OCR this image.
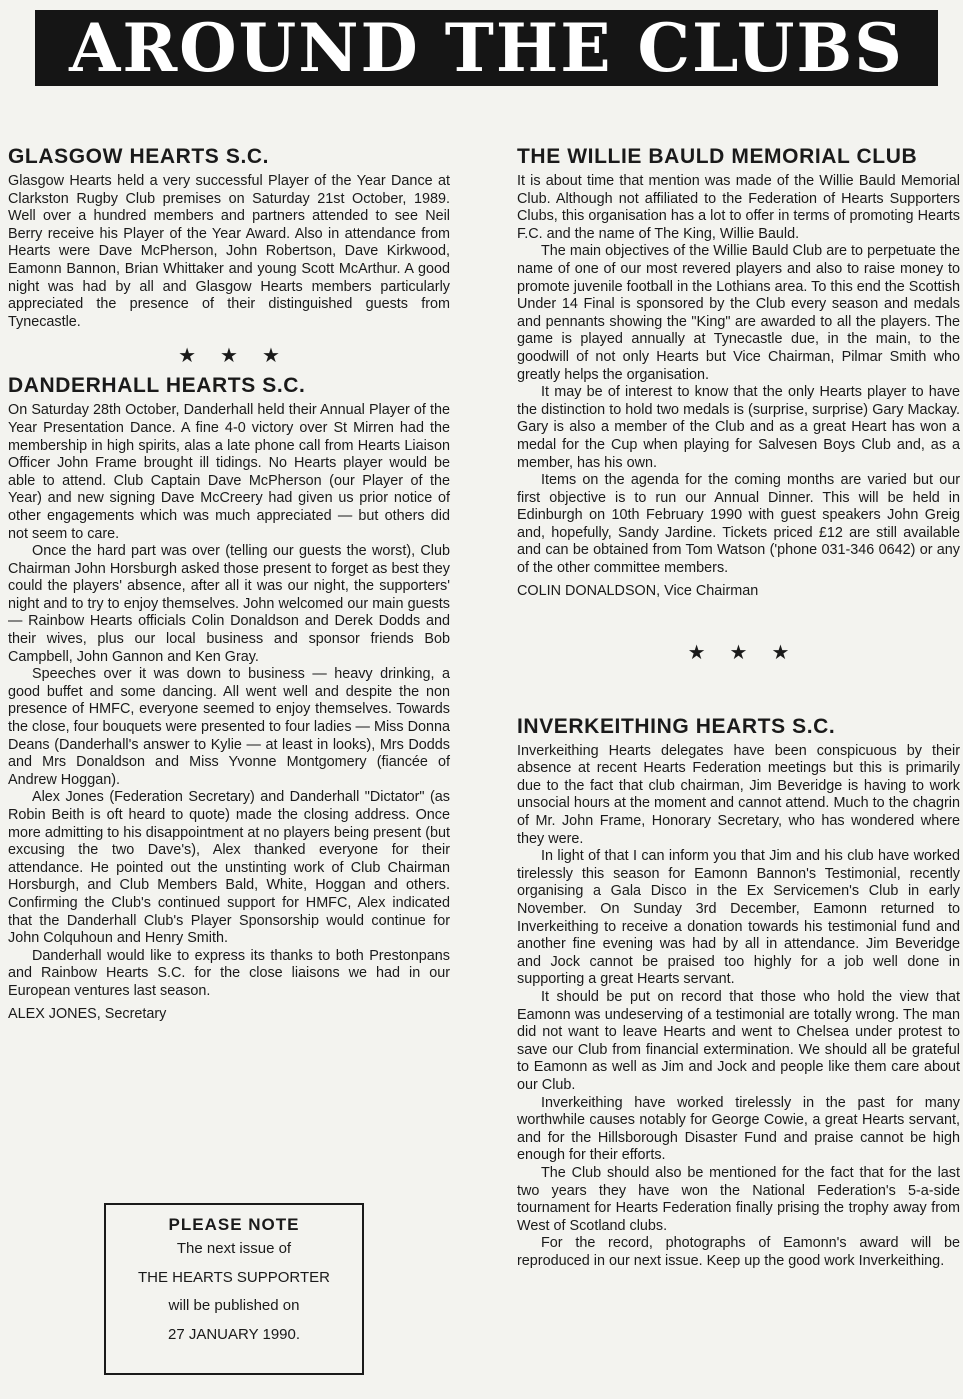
AROUND THE CLUBS
GLASGOW HEARTS S.C.

Glasgow Hearts held a very successful Player of the Year Dance at Clarkston Rugby Club premises on Saturday 21st October, 1989. Well over a hundred members and partners attended to see Neil Berry receive his Player of the Year Award. Also in attendance from Hearts were Dave McPherson, John Robertson, Dave Kirkwood, Eamonn Bannon, Brian Whittaker and young Scott McArthur. A good night was had by all and Glasgow Hearts members particularly appreciated the presence of their distinguished guests from Tynecastle.

★★★
DANDERHALL HEARTS S.C.

On Saturday 28th October, Danderhall held their Annual Player of the Year Presentation Dance. A fine 4-0 victory over St Mirren had the membership in high spirits, alas a late phone call from Hearts Liaison Officer John Frame brought ill tidings. No Hearts player would be able to attend. Club Captain Dave McPherson (our Player of the Year) and new signing Dave McCreery had given us prior notice of other engagements which was much appreciated — but others did not seem to care.

Once the hard part was over (telling our guests the worst), Club Chairman John Horsburgh asked those present to forget as best they could the players' absence, after all it was our night, the supporters' night and to try to enjoy themselves. John welcomed our main guests — Rainbow Hearts officials Colin Donaldson and Derek Dodds and their wives, plus our local business and sponsor friends Bob Campbell, John Gannon and Ken Gray.

Speeches over it was down to business — heavy drinking, a good buffet and some dancing. All went well and despite the non presence of HMFC, everyone seemed to enjoy themselves. Towards the close, four bouquets were presented to four ladies — Miss Donna Deans (Danderhall's answer to Kylie — at least in looks), Mrs Dodds and Mrs Donaldson and Miss Yvonne Montgomery (fiancée of Andrew Hoggan).

Alex Jones (Federation Secretary) and Danderhall "Dictator" (as Robin Beith is oft heard to quote) made the closing address. Once more admitting to his disappointment at no players being present (but excusing the two Dave's), Alex thanked everyone for their attendance. He pointed out the unstinting work of Club Chairman Horsburgh, and Club Members Bald, White, Hoggan and others. Confirming the Club's continued support for HMFC, Alex indicated that the Danderhall Club's Player Sponsorship would continue for John Colquhoun and Henry Smith.

Danderhall would like to express its thanks to both Prestonpans and Rainbow Hearts S.C. for the close liaisons we had in our European ventures last season.

ALEX JONES, Secretary
PLEASE NOTE
The next issue of
THE HEARTS SUPPORTER
will be published on
27 JANUARY 1990.
THE WILLIE BAULD MEMORIAL CLUB

It is about time that mention was made of the Willie Bauld Memorial Club. Although not affiliated to the Federation of Hearts Supporters Clubs, this organisation has a lot to offer in terms of promoting Hearts F.C. and the name of The King, Willie Bauld.

The main objectives of the Willie Bauld Club are to perpetuate the name of one of our most revered players and also to raise money to promote juvenile football in the Lothians area. To this end the Scottish Under 14 Final is sponsored by the Club every season and medals and pennants showing the "King" are awarded to all the players. The game is played annually at Tynecastle due, in the main, to the goodwill of not only Hearts but Vice Chairman, Pilmar Smith who greatly helps the organisation.

It may be of interest to know that the only Hearts player to have the distinction to hold two medals is (surprise, surprise) Gary Mackay. Gary is also a member of the Club and as a great Heart has won a medal for the Cup when playing for Salvesen Boys Club and, as a member, has his own.

Items on the agenda for the coming months are varied but our first objective is to run our Annual Dinner. This will be held in Edinburgh on 10th February 1990 with guest speakers John Greig and, hopefully, Sandy Jardine. Tickets priced £12 are still available and can be obtained from Tom Watson ('phone 031-346 0642) or any of the other committee members.

COLIN DONALDSON, Vice Chairman
★★★
INVERKEITHING HEARTS S.C.

Inverkeithing Hearts delegates have been conspicuous by their absence at recent Hearts Federation meetings but this is primarily due to the fact that club chairman, Jim Beveridge is having to work unsocial hours at the moment and cannot attend. Much to the chagrin of Mr. John Frame, Honorary Secretary, who has wondered where they were.

In light of that I can inform you that Jim and his club have worked tirelessly this season for Eamonn Bannon's Testimonial, recently organising a Gala Disco in the Ex Servicemen's Club in early November. On Sunday 3rd December, Eamonn returned to Inverkeithing to receive a donation towards his testimonial fund and another fine evening was had by all in attendance. Jim Beveridge and Jock cannot be praised too highly for a job well done in supporting a great Hearts servant.

It should be put on record that those who hold the view that Eamonn was undeserving of a testimonial are totally wrong. The man did not want to leave Hearts and went to Chelsea under protest to save our Club from financial extermination. We should all be grateful to Eamonn as well as Jim and Jock and people like them care about our Club.

Inverkeithing have worked tirelessly in the past for many worthwhile causes notably for George Cowie, a great Hearts servant, and for the Hillsborough Disaster Fund and praise cannot be high enough for their efforts.

The Club should also be mentioned for the fact that for the last two years they have won the National Federation's 5-a-side tournament for Hearts Federation finally prising the trophy away from West of Scotland clubs.

For the record, photographs of Eamonn's award will be reproduced in our next issue. Keep up the good work Inverkeithing.
